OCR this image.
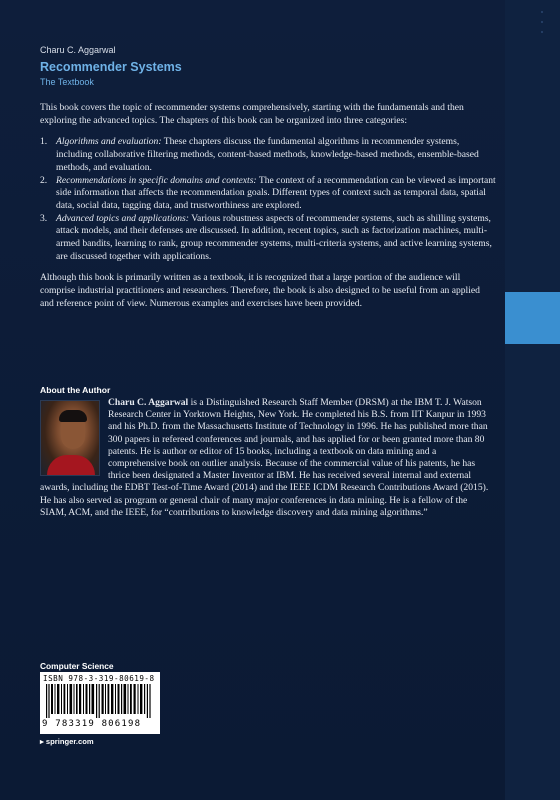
Charu C. Aggarwal
Recommender Systems
The Textbook
This book covers the topic of recommender systems comprehensively, starting with the fundamentals and then exploring the advanced topics. The chapters of this book can be organized into three categories:
1. Algorithms and evaluation: These chapters discuss the fundamental algorithms in recommender systems, including collaborative filtering methods, content-based methods, knowledge-based methods, ensemble-based methods, and evaluation.
2. Recommendations in specific domains and contexts: The context of a recommendation can be viewed as important side information that affects the recommendation goals. Different types of context such as temporal data, spatial data, social data, tagging data, and trustworthiness are explored.
3. Advanced topics and applications: Various robustness aspects of recommender systems, such as shilling systems, attack models, and their defenses are discussed. In addition, recent topics, such as factorization machines, multi-armed bandits, learning to rank, group recommender systems, multi-criteria systems, and active learning systems, are discussed together with applications.
Although this book is primarily written as a textbook, it is recognized that a large portion of the audience will comprise industrial practitioners and researchers. Therefore, the book is also designed to be useful from an applied and reference point of view. Numerous examples and exercises have been provided.
About the Author
Charu C. Aggarwal is a Distinguished Research Staff Member (DRSM) at the IBM T. J. Watson Research Center in Yorktown Heights, New York. He completed his B.S. from IIT Kanpur in 1993 and his Ph.D. from the Massachusetts Institute of Technology in 1996. He has published more than 300 papers in refereed conferences and journals, and has applied for or been granted more than 80 patents. He is author or editor of 15 books, including a textbook on data mining and a comprehensive book on outlier analysis. Because of the commercial value of his patents, he has thrice been designated a Master Inventor at IBM. He has received several internal and external awards, including the EDBT Test-of-Time Award (2014) and the IEEE ICDM Research Contributions Award (2015). He has also served as program or general chair of many major conferences in data mining. He is a fellow of the SIAM, ACM, and the IEEE, for “contributions to knowledge discovery and data mining algorithms.”
Computer Science
ISBN 978-3-319-80619-8
9 783319 806198
▸ springer.com
